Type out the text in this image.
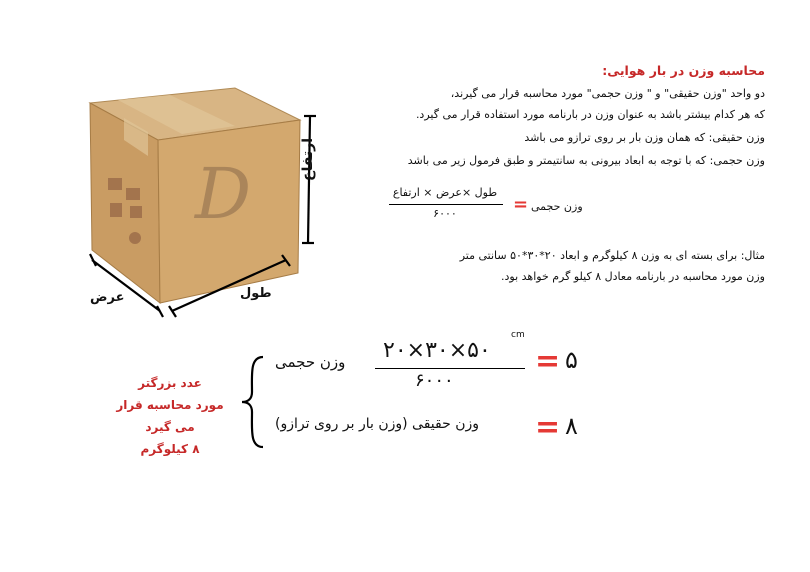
D	ارتفاع
عرض	طول
محاسبه وزن در بار هوایی:
دو واحد "وزن حقیقی" و " وزن حجمی" مورد محاسبه قرار می گیرند،
که هر کدام بیشتر باشد به عنوان وزن در بارنامه مورد استفاده قرار می گیرد.
وزن حقیقی: که همان وزن بار بر روی ترازو می باشد
وزن حجمی: که با توجه به ابعاد بیرونی به سانتیمتر و طبق فرمول زیر می باشد
وزن حجمی
=
طول ×عرض × ارتفاع
۶۰۰۰
مثال: برای بسته ای به وزن ۸ کیلوگرم و ابعاد ۲۰*۳۰*۵۰ سانتی متر
وزن مورد محاسبه در بارنامه معادل ۸ کیلو گرم خواهد بود.
وزن حجمی ۲۰×۳۰×۵۰
cm
۶۰۰۰
= ۵
وزن حقیقی (وزن بار بر روی ترازو) = ۸
عدد بزرگتر
مورد محاسبه قرار می گیرد
۸ کیلوگرم
